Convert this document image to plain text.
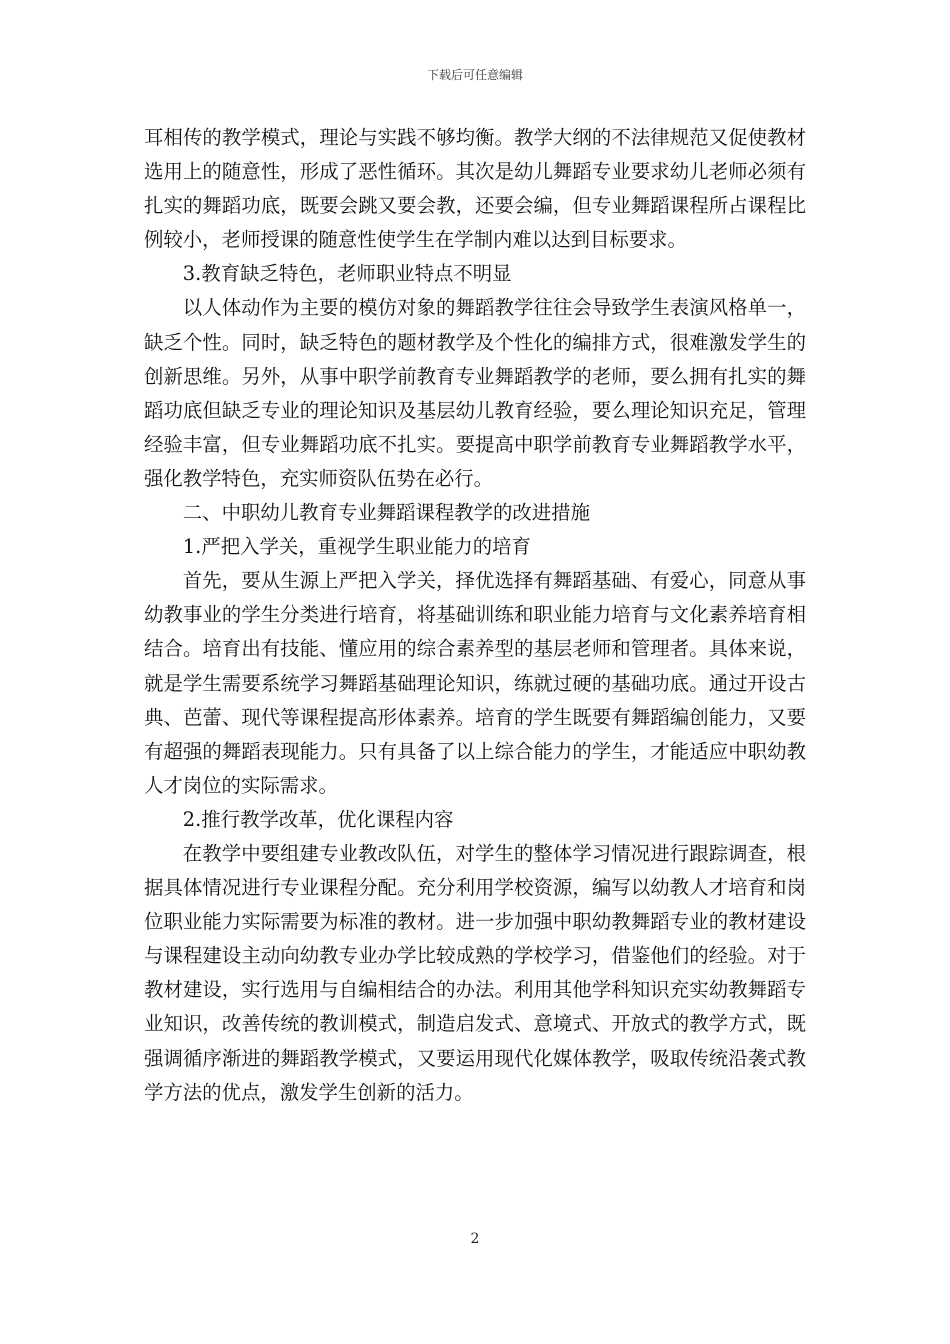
下载后可任意编辑

耳相传的教学模式，理论与实践不够均衡。教学大纲的不法律规范又促使教材选用上的随意性，形成了恶性循环。其次是幼儿舞蹈专业要求幼儿老师必须有扎实的舞蹈功底，既要会跳又要会教，还要会编，但专业舞蹈课程所占课程比例较小，老师授课的随意性使学生在学制内难以达到目标要求。

3.教育缺乏特色，老师职业特点不明显

以人体动作为主要的模仿对象的舞蹈教学往往会导致学生表演风格单一，缺乏个性。同时，缺乏特色的题材教学及个性化的编排方式，很难激发学生的创新思维。另外，从事中职学前教育专业舞蹈教学的老师，要么拥有扎实的舞蹈功底但缺乏专业的理论知识及基层幼儿教育经验，要么理论知识充足，管理经验丰富，但专业舞蹈功底不扎实。要提高中职学前教育专业舞蹈教学水平，强化教学特色，充实师资队伍势在必行。

二、中职幼儿教育专业舞蹈课程教学的改进措施

1.严把入学关，重视学生职业能力的培育

首先，要从生源上严把入学关，择优选择有舞蹈基础、有爱心，同意从事幼教事业的学生分类进行培育，将基础训练和职业能力培育与文化素养培育相结合。培育出有技能、懂应用的综合素养型的基层老师和管理者。具体来说，就是学生需要系统学习舞蹈基础理论知识，练就过硬的基础功底。通过开设古典、芭蕾、现代等课程提高形体素养。培育的学生既要有舞蹈编创能力，又要有超强的舞蹈表现能力。只有具备了以上综合能力的学生，才能适应中职幼教人才岗位的实际需求。

2.推行教学改革，优化课程内容

在教学中要组建专业教改队伍，对学生的整体学习情况进行跟踪调查，根据具体情况进行专业课程分配。充分利用学校资源，编写以幼教人才培育和岗位职业能力实际需要为标准的教材。进一步加强中职幼教舞蹈专业的教材建设与课程建设主动向幼教专业办学比较成熟的学校学习，借鉴他们的经验。对于教材建设，实行选用与自编相结合的办法。利用其他学科知识充实幼教舞蹈专业知识，改善传统的教训模式，制造启发式、意境式、开放式的教学方式，既强调循序渐进的舞蹈教学模式，又要运用现代化媒体教学，吸取传统沿袭式教学方法的优点，激发学生创新的活力。

2
